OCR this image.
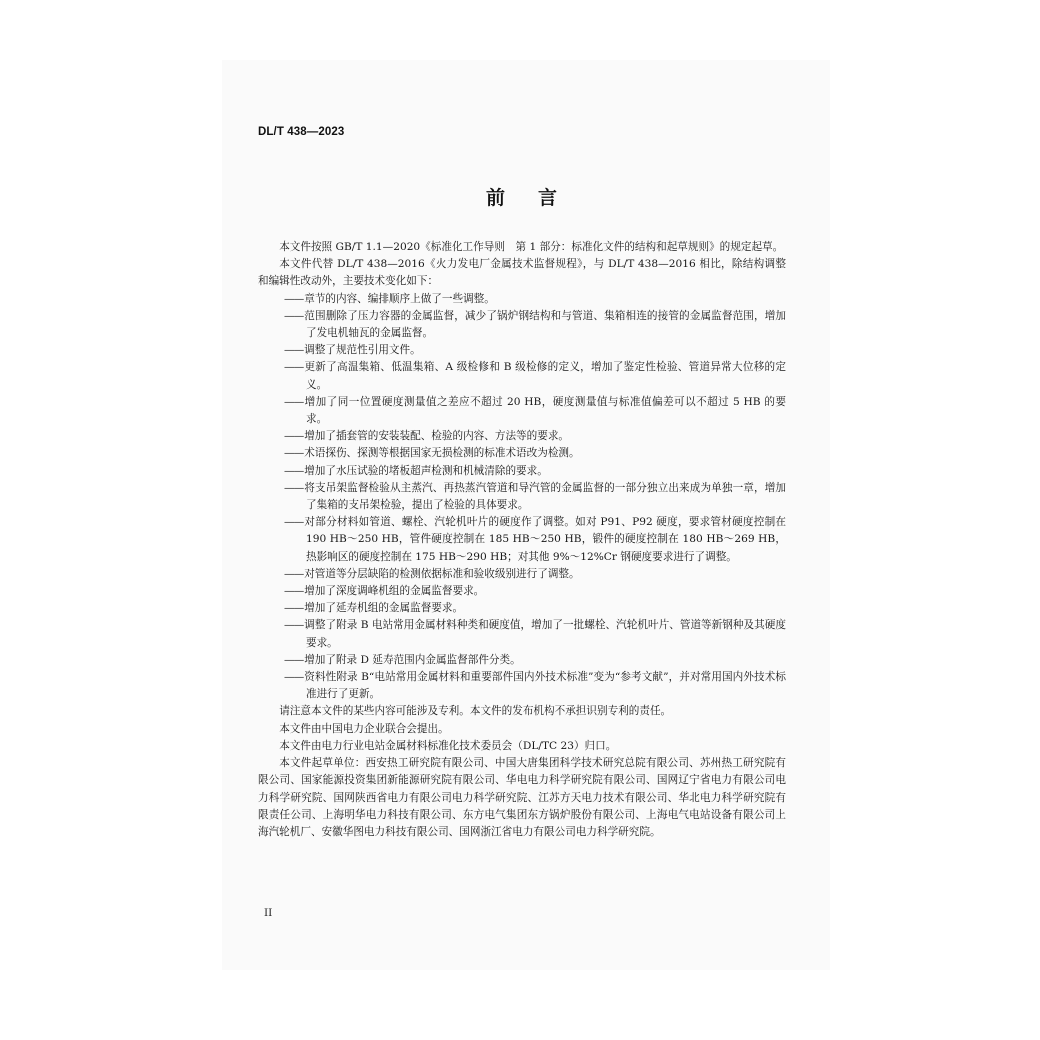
DL/T 438—2023
前言

本文件按照 GB/T 1.1—2020《标准化工作导则　第 1 部分：标准化文件的结构和起草规则》的规定起草。

本文件代替 DL/T 438—2016《火力发电厂金属技术监督规程》，与 DL/T 438—2016 相比，除结构调整和编辑性改动外，主要技术变化如下：

——章节的内容、编排顺序上做了一些调整。

——范围删除了压力容器的金属监督，减少了锅炉钢结构和与管道、集箱相连的接管的金属监督范围，增加了发电机轴瓦的金属监督。

——调整了规范性引用文件。

——更新了高温集箱、低温集箱、A 级检修和 B 级检修的定义，增加了鉴定性检验、管道异常大位移的定义。

——增加了同一位置硬度测量值之差应不超过 20 HB，硬度测量值与标准值偏差可以不超过 5 HB 的要求。

——增加了插套管的安装装配、检验的内容、方法等的要求。

——术语探伤、探测等根据国家无损检测的标准术语改为检测。

——增加了水压试验的堵板超声检测和机械清除的要求。

——将支吊架监督检验从主蒸汽、再热蒸汽管道和导汽管的金属监督的一部分独立出来成为单独一章，增加了集箱的支吊架检验，提出了检验的具体要求。

——对部分材料如管道、螺栓、汽轮机叶片的硬度作了调整。如对 P91、P92 硬度，要求管材硬度控制在 190 HB～250 HB，管件硬度控制在 185 HB～250 HB，锻件的硬度控制在 180 HB～269 HB，热影响区的硬度控制在 175 HB～290 HB；对其他 9%～12%Cr 钢硬度要求进行了调整。

——对管道等分层缺陷的检测依据标准和验收级别进行了调整。

——增加了深度调峰机组的金属监督要求。

——增加了延寿机组的金属监督要求。

——调整了附录 B 电站常用金属材料种类和硬度值，增加了一批螺栓、汽轮机叶片、管道等新钢种及其硬度要求。

——增加了附录 D 延寿范围内金属监督部件分类。

——资料性附录 B“电站常用金属材料和重要部件国内外技术标准”变为“参考文献”，并对常用国内外技术标准进行了更新。

请注意本文件的某些内容可能涉及专利。本文件的发布机构不承担识别专利的责任。

本文件由中国电力企业联合会提出。

本文件由电力行业电站金属材料标准化技术委员会（DL/TC 23）归口。

本文件起草单位：西安热工研究院有限公司、中国大唐集团科学技术研究总院有限公司、苏州热工研究院有限公司、国家能源投资集团新能源研究院有限公司、华电电力科学研究院有限公司、国网辽宁省电力有限公司电力科学研究院、国网陕西省电力有限公司电力科学研究院、江苏方天电力技术有限公司、华北电力科学研究院有限责任公司、上海明华电力科技有限公司、东方电气集团东方锅炉股份有限公司、上海电气电站设备有限公司上海汽轮机厂、安徽华图电力科技有限公司、国网浙江省电力有限公司电力科学研究院。

II
